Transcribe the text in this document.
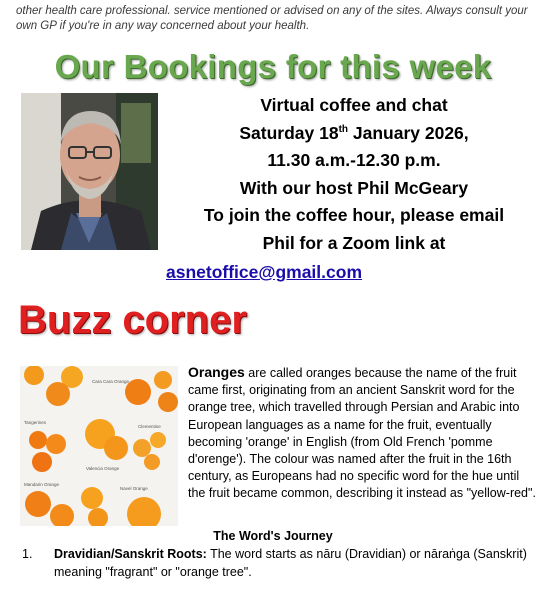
other health care professional. service mentioned or advised on any of the sites. Always consult your own GP if you're in any way concerned about your health.
Our Bookings for this week
Virtual coffee and chat
Saturday 18th January 2026,
11.30 a.m.-12.30 p.m.
With our host Phil McGeary
To join the coffee hour, please email
Phil for a Zoom link at
asnetoffice@gmail.com
Buzz corner
Cara Cara Orange
Tangerines
Clementine
Valencia Orange
Mandarin Orange
Navel Orange
Oranges are called oranges because the name of the fruit came first, originating from an ancient Sanskrit word for the orange tree, which travelled through Persian and Arabic into European languages as a name for the fruit, eventually becoming 'orange' in English (from Old French 'pomme d'orenge'). The colour was named after the fruit in the 16th century, as Europeans had no specific word for the hue until the fruit became common, describing it instead as "yellow-red".
The Word's Journey
1. Dravidian/Sanskrit Roots: The word starts as nāru (Dravidian) or nāraṅga (Sanskrit) meaning "fragrant" or "orange tree".
